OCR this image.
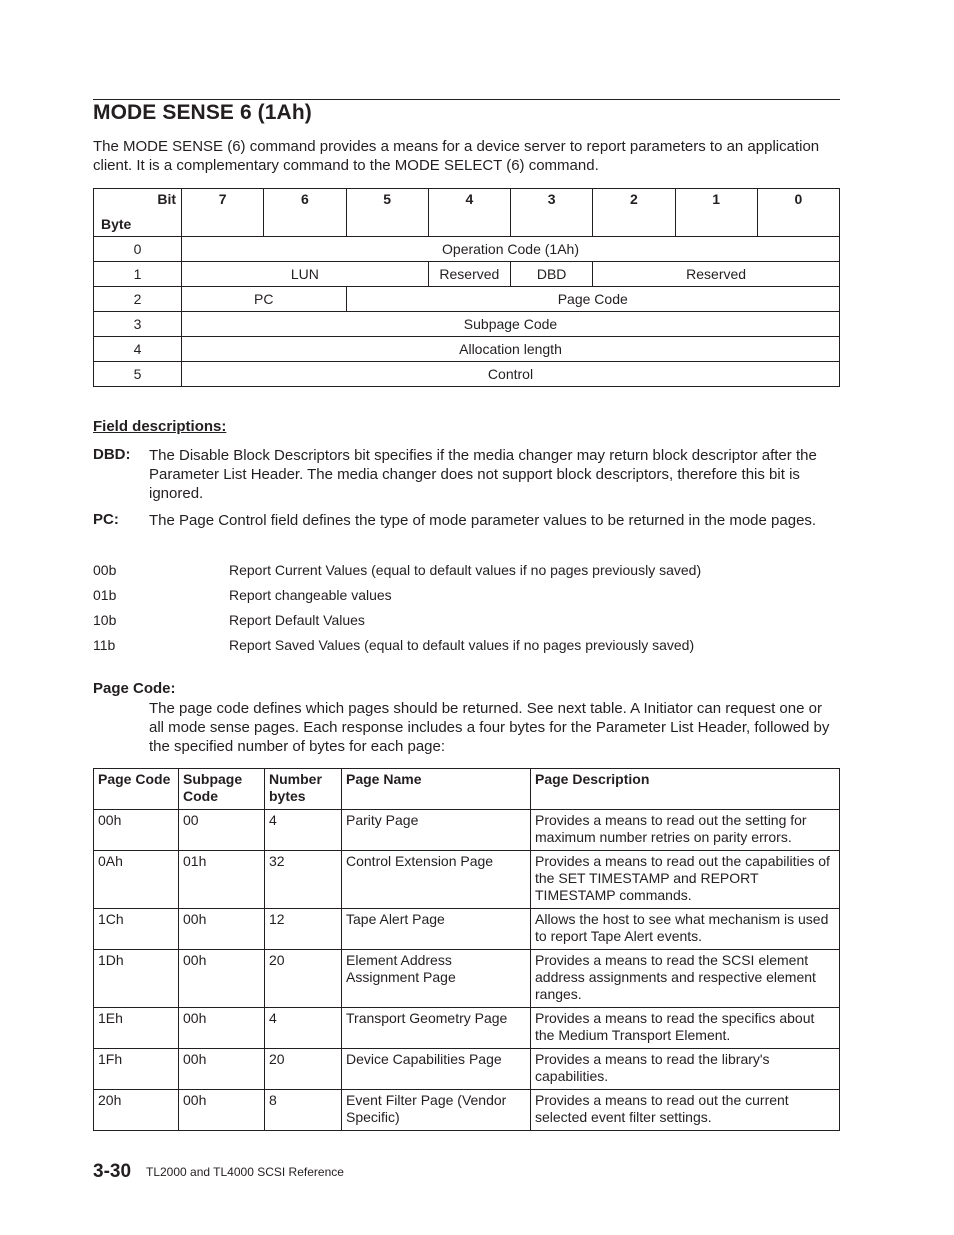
MODE SENSE 6 (1Ah)

The MODE SENSE (6) command provides a means for a device server to report parameters to an application client. It is a complementary command to the MODE SELECT (6) command.

Bit
Byte	7	6	5	4	3	2	1	0
0	Operation Code (1Ah)							
1	LUN			Reserved	DBD	Reserved		
2	PC		Page Code					
3	Subpage Code							
4	Allocation length							
5	Control							
Field descriptions:
DBD: The Disable Block Descriptors bit specifies if the media changer may return block descriptor after the Parameter List Header. The media changer does not support block descriptors, therefore this bit is ignored.

PC: The Page Control field defines the type of mode parameter values to be returned in the mode pages.

00b	Report Current Values (equal to default values if no pages previously saved)
01b	Report changeable values
10b	Report Default Values
11b	Report Saved Values (equal to default values if no pages previously saved)
Page Code:

The page code defines which pages should be returned. See next table. A Initiator can request one or all mode sense pages. Each response includes a four bytes for the Parameter List Header, followed by the specified number of bytes for each page:

Page Code	Subpage Code	Number bytes	Page Name	Page Description
00h	00	4	Parity Page	Provides a means to read out the setting for maximum number retries on parity errors.
0Ah	01h	32	Control Extension Page	Provides a means to read out the capabilities of the SET TIMESTAMP and REPORT TIMESTAMP commands.
1Ch	00h	12	Tape Alert Page	Allows the host to see what mechanism is used to report Tape Alert events.
1Dh	00h	20	Element Address Assignment Page	Provides a means to read the SCSI element address assignments and respective element ranges.
1Eh	00h	4	Transport Geometry Page	Provides a means to read the specifics about the Medium Transport Element.
1Fh	00h	20	Device Capabilities Page	Provides a means to read the library's capabilities.
20h	00h	8	Event Filter Page (Vendor Specific)	Provides a means to read out the current selected event filter settings.
3-30 TL2000 and TL4000 SCSI Reference
